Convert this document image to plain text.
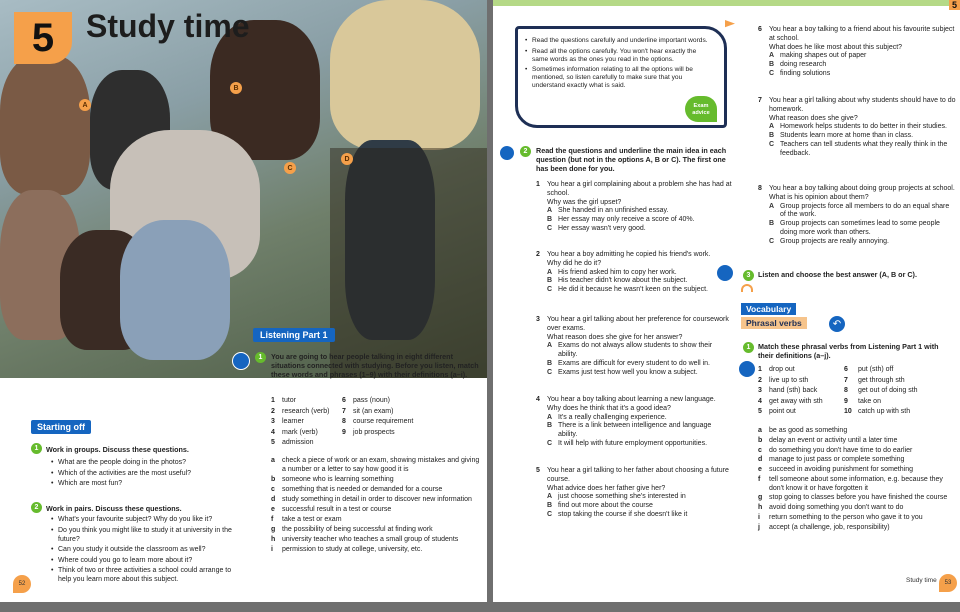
5 Study time
A
B
C
D
Listening Part 1
1	You are going to hear people talking in eight different situations connected with studying. Before you listen, match these words and phrases (1–9) with their definitions (a–i).
1 tutor
2 research (verb)
3 learner
4 mark (verb)
5 admission
6 pass (noun)
7 sit (an exam)
8 course requirement
9 job prospects
a	check a piece of work or an exam, showing mistakes and giving a number or a letter to say how good it is
b someone who is learning something
c	something that is needed or demanded for a course
d study something in detail in order to discover new information
e	successful result in a test or course
f	take a test or exam
g the possibility of being successful at finding work
h university teacher who teaches a small group of students
i	permission to study at college, university, etc.
Starting off
1	Work in groups. Discuss these questions.
• What are the people doing in the photos?
• Which of the activities are the most useful?
• Which are most fun?
2	Work in pairs. Discuss these questions.
• What's your favourite subject? Why do you like it?
• Do you think you might like to study it at university in the future?
• Can you study it outside the classroom as well?
• Where could you go to learn more about it?
• Think of two or three activities a school could arrange to help you learn more about this subject.
52
5
• Read the questions carefully and underline important words.
• Read all the options carefully. You won't hear exactly the same words as the ones you read in the options.
• Sometimes information relating to all the options will be mentioned, so listen carefully to make sure that you understand exactly what is said.
Exam advice
2	Read the questions and underline the main idea in each question (but not in the options A, B or C). The first one has been done for you.
1	You hear a girl complaining about a problem she has had at school.
Why was the girl upset?
A She handed in an unfinished essay.
B Her essay may only receive a score of 40%.
C Her essay wasn't very good.
2	You hear a boy admitting he copied his friend's work.
Why did he do it?
A His friend asked him to copy her work.
B His teacher didn't know about the subject.
C He did it because he wasn't keen on the subject.
3	You hear a girl talking about her preference for coursework over exams.
What reason does she give for her answer?
A Exams do not always allow students to show their ability.
B Exams are difficult for every student to do well in.
C Exams just test how well you know a subject.
4	You hear a boy talking about learning a new language.
Why does he think that it's a good idea?
A It's a really challenging experience.
B There is a link between intelligence and language ability.
C It will help with future employment opportunities.
5	You hear a girl talking to her father about choosing a future course.
What advice does her father give her?
A just choose something she's interested in
B find out more about the course
C stop taking the course if she doesn't like it
6	You hear a boy talking to a friend about his favourite subject at school.
What does he like most about this subject?
A making shapes out of paper
B doing research
C finding solutions
7	You hear a girl talking about why students should have to do homework.
What reason does she give?
A Homework helps students to do better in their studies.
B Students learn more at home than in class.
C Teachers can tell students what they really think in the feedback.
8	You hear a boy talking about doing group projects at school.
What is his opinion about them?
A Group projects force all members to do an equal share of the work.
B Group projects can sometimes lead to some people doing more work than others.
C Group projects are really annoying.
3	Listen and choose the best answer (A, B or C).
Vocabulary
Phrasal verbs	↶
1	Match these phrasal verbs from Listening Part 1 with their definitions (a–j).
1 drop out
2 live up to sth
3 hand (sth) back
4 get away with sth
5 point out
6 put (sth) off
7 get through sth
8 get out of doing sth
9 take on
10 catch up with sth
a	be as good as something
b delay an event or activity until a later time
c	do something you don't have time to do earlier
d manage to just pass or complete something
e	succeed in avoiding punishment for something
f	tell someone about some information, e.g. because they don't know it or have forgotten it
g stop going to classes before you have finished the course
h avoid doing something you don't want to do
i	return something to the person who gave it to you
j	accept (a challenge, job, responsibility)
Study time	53
